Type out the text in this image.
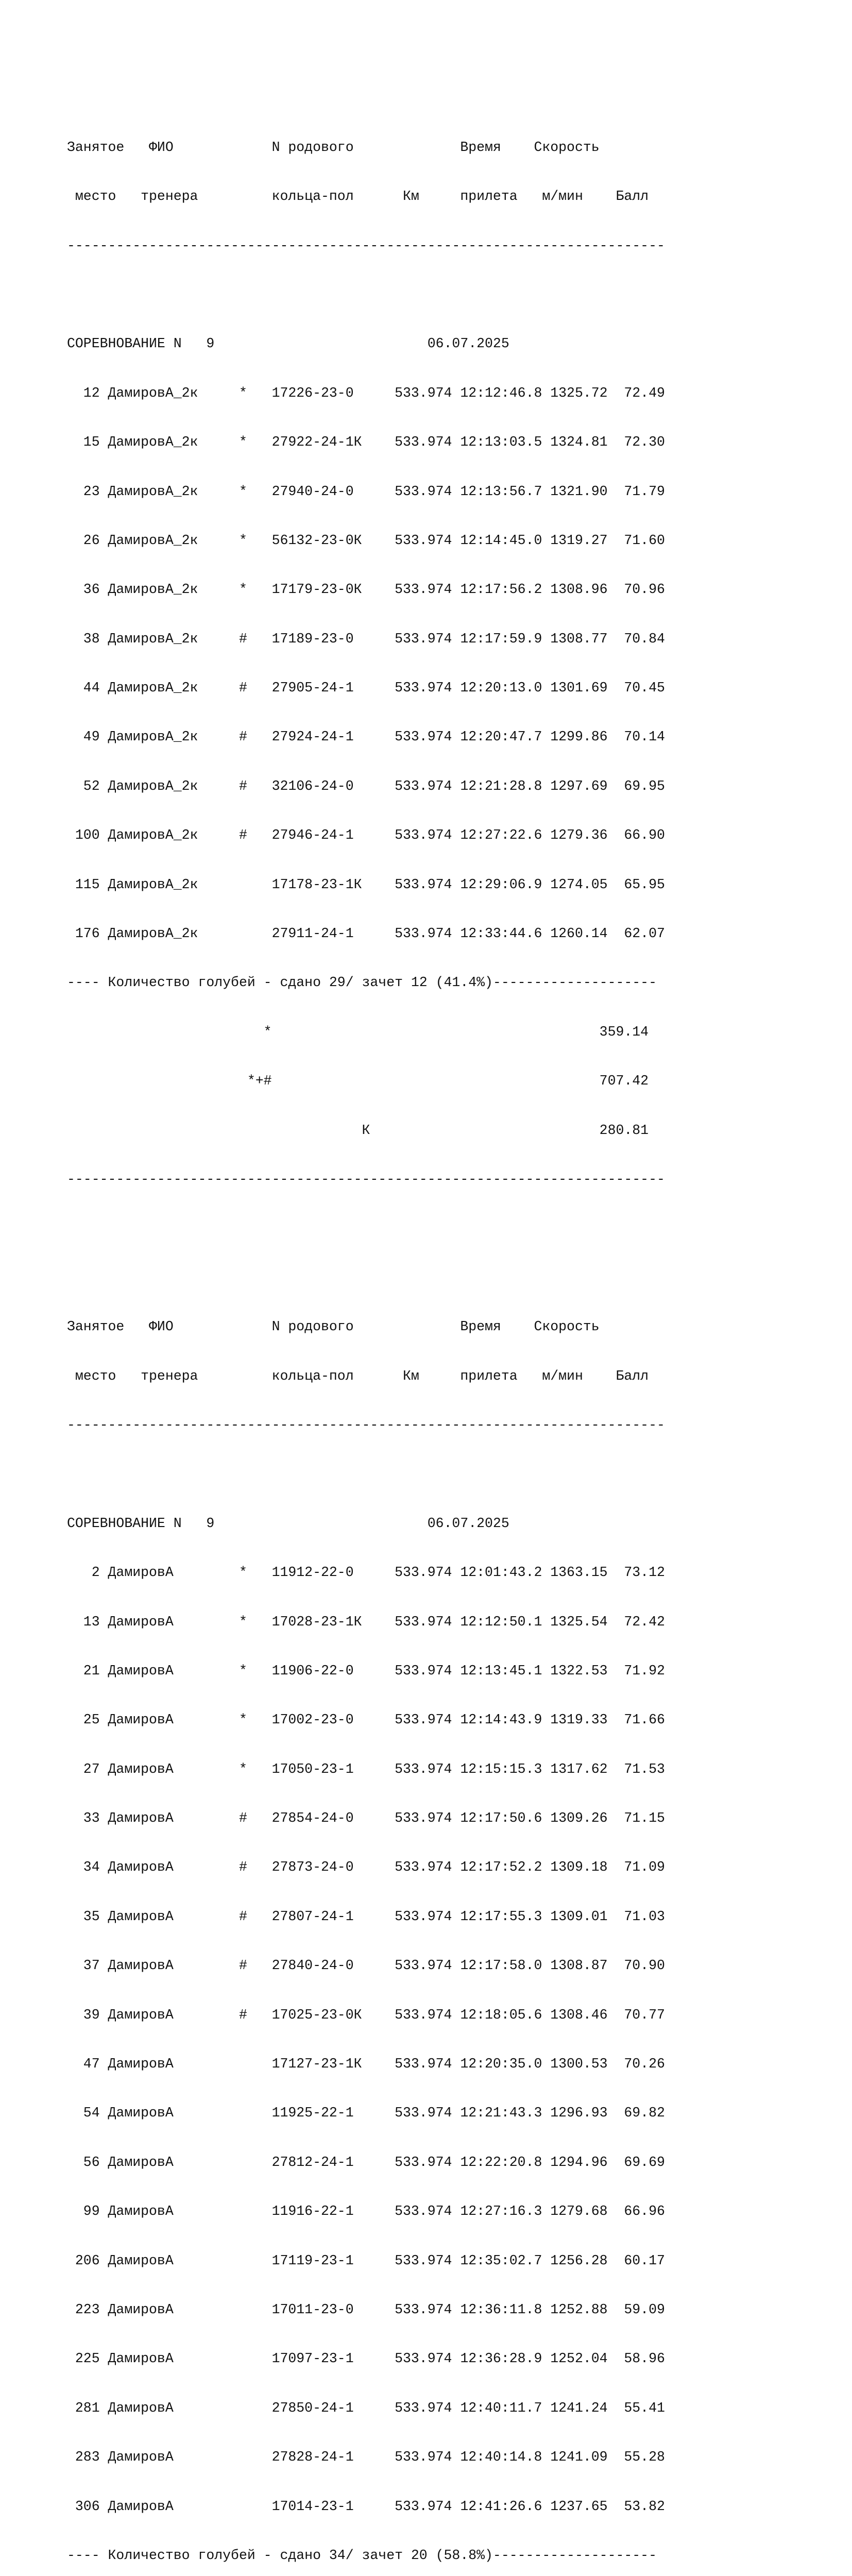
Занятое   ФИО            N родового             Время    Скорость

место   тренера         кольца-пол      Км     прилета   м/мин    Балл

-------------------------------------------------------------------------

СОРЕВНОВАНИЕ N   9                          06.07.2025

12 ДамировА_2к     *   17226-23-0     533.974 12:12:46.8 1325.72  72.49

15 ДамировА_2к     *   27922-24-1К    533.974 12:13:03.5 1324.81  72.30

23 ДамировА_2к     *   27940-24-0     533.974 12:13:56.7 1321.90  71.79

26 ДамировА_2к     *   56132-23-0К    533.974 12:14:45.0 1319.27  71.60

36 ДамировА_2к     *   17179-23-0К    533.974 12:17:56.2 1308.96  70.96

38 ДамировА_2к     #   17189-23-0     533.974 12:17:59.9 1308.77  70.84

44 ДамировА_2к     #   27905-24-1     533.974 12:20:13.0 1301.69  70.45

49 ДамировА_2к     #   27924-24-1     533.974 12:20:47.7 1299.86  70.14

52 ДамировА_2к     #   32106-24-0     533.974 12:21:28.8 1297.69  69.95

100 ДамировА_2к     #   27946-24-1     533.974 12:27:22.6 1279.36  66.90

115 ДамировА_2к         17178-23-1К    533.974 12:29:06.9 1274.05  65.95

176 ДамировА_2к         27911-24-1     533.974 12:33:44.6 1260.14  62.07

---- Количество голубей - сдано 29/ зачет 12 (41.4%)--------------------

*                                        359.14

*+#                                        707.42

К                            280.81

-------------------------------------------------------------------------

Занятое   ФИО            N родового             Время    Скорость

место   тренера         кольца-пол      Км     прилета   м/мин    Балл

-------------------------------------------------------------------------

СОРЕВНОВАНИЕ N   9                          06.07.2025

2 ДамировА        *   11912-22-0     533.974 12:01:43.2 1363.15  73.12

13 ДамировА        *   17028-23-1К    533.974 12:12:50.1 1325.54  72.42

21 ДамировА        *   11906-22-0     533.974 12:13:45.1 1322.53  71.92

25 ДамировА        *   17002-23-0     533.974 12:14:43.9 1319.33  71.66

27 ДамировА        *   17050-23-1     533.974 12:15:15.3 1317.62  71.53

33 ДамировА        #   27854-24-0     533.974 12:17:50.6 1309.26  71.15

34 ДамировА        #   27873-24-0     533.974 12:17:52.2 1309.18  71.09

35 ДамировА        #   27807-24-1     533.974 12:17:55.3 1309.01  71.03

37 ДамировА        #   27840-24-0     533.974 12:17:58.0 1308.87  70.90

39 ДамировА        #   17025-23-0К    533.974 12:18:05.6 1308.46  70.77

47 ДамировА            17127-23-1К    533.974 12:20:35.0 1300.53  70.26

54 ДамировА            11925-22-1     533.974 12:21:43.3 1296.93  69.82

56 ДамировА            27812-24-1     533.974 12:22:20.8 1294.96  69.69

99 ДамировА            11916-22-1     533.974 12:27:16.3 1279.68  66.96

206 ДамировА            17119-23-1     533.974 12:35:02.7 1256.28  60.17

223 ДамировА            17011-23-0     533.974 12:36:11.8 1252.88  59.09

225 ДамировА            17097-23-1     533.974 12:36:28.9 1252.04  58.96

281 ДамировА            27850-24-1     533.974 12:40:11.7 1241.24  55.41

283 ДамировА            27828-24-1     533.974 12:40:14.8 1241.09  55.28

306 ДамировА            17014-23-1     533.974 12:41:26.6 1237.65  53.82

---- Количество голубей - сдано 34/ зачет 20 (58.8%)--------------------
